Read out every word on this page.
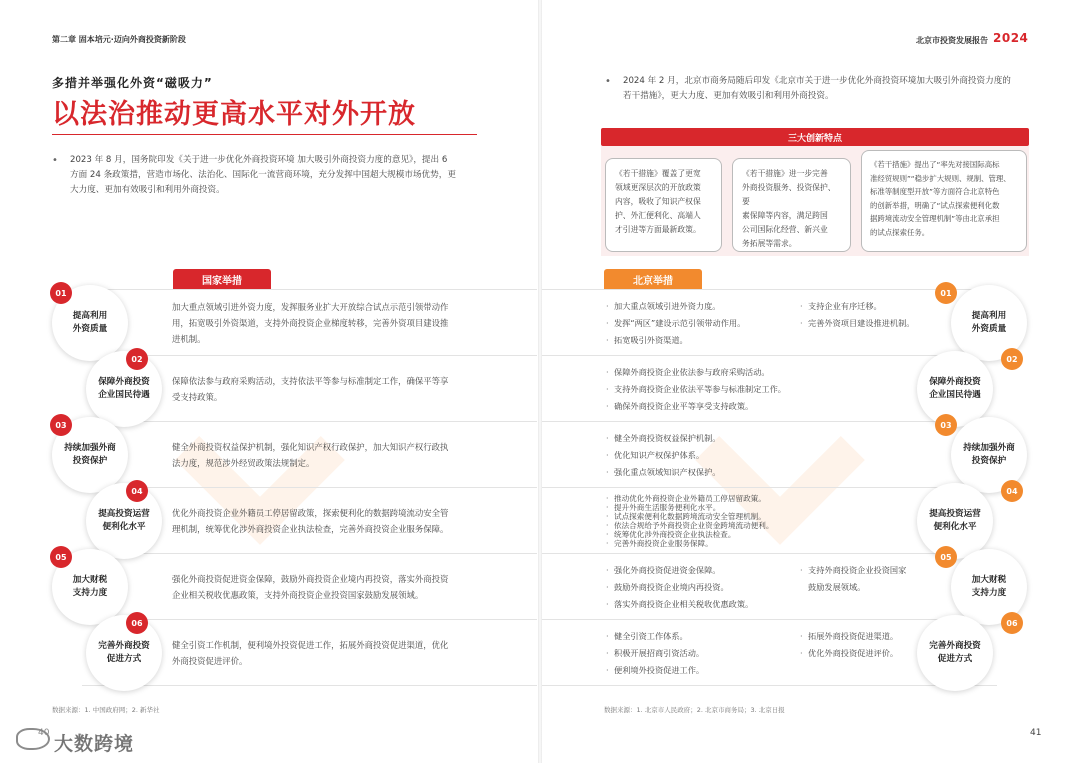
第二章 固本培元·迈向外商投资新阶段	北京市投资发展报告 2024
多措并举强化外资“磁吸力”
以法治推动更高水平对外开放
• 2023 年 8 月，国务院印发《关于进一步优化外商投资环境 加大吸引外商投资力度的意见》，提出 6
方面 24 条政策措，营造市场化、法治化、国际化一流营商环境，充分发挥中国超大规模市场优势，更
大力度、更加有效吸引和利用外商投资。
国家举措
提高利用
外资质量
01
加大重点领域引进外资力度，发挥服务业扩大开放综合试点示范引领带动作
用，拓宽吸引外资渠道，支持外商投资企业梯度转移，完善外资项目建设推
进机制。
保障外商投资
企业国民待遇
02
保障依法参与政府采购活动，支持依法平等参与标准制定工作，确保平等享
受支持政策。
持续加强外商
投资保护
03
健全外商投资权益保护机制，强化知识产权行政保护，加大知识产权行政执
法力度，规范涉外经贸政策法规制定。
提高投资运营
便利化水平
04
优化外商投资企业外籍员工停居留政策，探索便利化的数据跨境流动安全管
理机制，统筹优化涉外商投资企业执法检查，完善外商投资企业服务保障。
加大财税
支持力度
05
强化外商投资促进资金保障，鼓励外商投资企业境内再投资，落实外商投资
企业相关税收优惠政策，支持外商投资企业投资国家鼓励发展领域。
完善外商投资
促进方式
06
健全引资工作机制，便利境外投资促进工作，拓展外商投资促进渠道，优化
外商投资促进评价。
数据来源：1. 中国政府网；2. 新华社
• 2024 年 2 月，北京市商务局随后印发《北京市关于进一步优化外商投资环境加大吸引外商投资力度的
若干措施》，更大力度、更加有效吸引和利用外商投资。
三大创新特点
《若干措施》覆盖了更宽
领域更深层次的开放政策
内容，吸收了知识产权保
护、外汇便利化、高端人
才引进等方面最新政策。
《若干措施》进一步完善
外商投资服务、投资保护、要
素保障等内容，满足跨国
公司国际化经营、新兴业
务拓展等需求。
《若干措施》提出了“率先对接国际高标
准经贸规则”“稳步扩大规则、规制、管理、
标准等制度型开放”等方面符合北京特色
的创新举措，明确了“试点探索便利化数
据跨境流动安全管理机制”等由北京承担
的试点探索任务。
北京举措
提高利用
外资质量
01
· 加大重点领域引进外资力度。
· 发挥“两区”建设示范引领带动作用。
· 拓宽吸引外资渠道。
· 支持企业有序迁移。
· 完善外资项目建设推进机制。
保障外商投资
企业国民待遇
02
· 保障外商投资企业依法参与政府采购活动。
· 支持外商投资企业依法平等参与标准制定工作。
· 确保外商投资企业平等享受支持政策。
持续加强外商
投资保护
03
· 健全外商投资权益保护机制。
· 优化知识产权保护体系。
· 强化重点领域知识产权保护。
提高投资运营
便利化水平
04
· 推动优化外商投资企业外籍员工停居留政策。
· 提升外商生活服务便利化水平。
· 试点探索便利化数据跨境流动安全管理机制。
· 依法合规给予外商投资企业资金跨境流动便利。
· 统筹优化涉外商投资企业执法检查。
· 完善外商投资企业服务保障。
加大财税
支持力度
05
· 强化外商投资促进资金保障。
· 鼓励外商投资企业境内再投资。
· 落实外商投资企业相关税收优惠政策。
· 支持外商投资企业投资国家
鼓励发展领域。
完善外商投资
促进方式
06
· 健全引资工作体系。
· 积极开展招商引资活动。
· 便利境外投资促进工作。
· 拓展外商投资促进渠道。
· 优化外商投资促进评价。
数据来源：1. 北京市人民政府；2. 北京市商务局；3. 北京日报
41
大数跨境
40
